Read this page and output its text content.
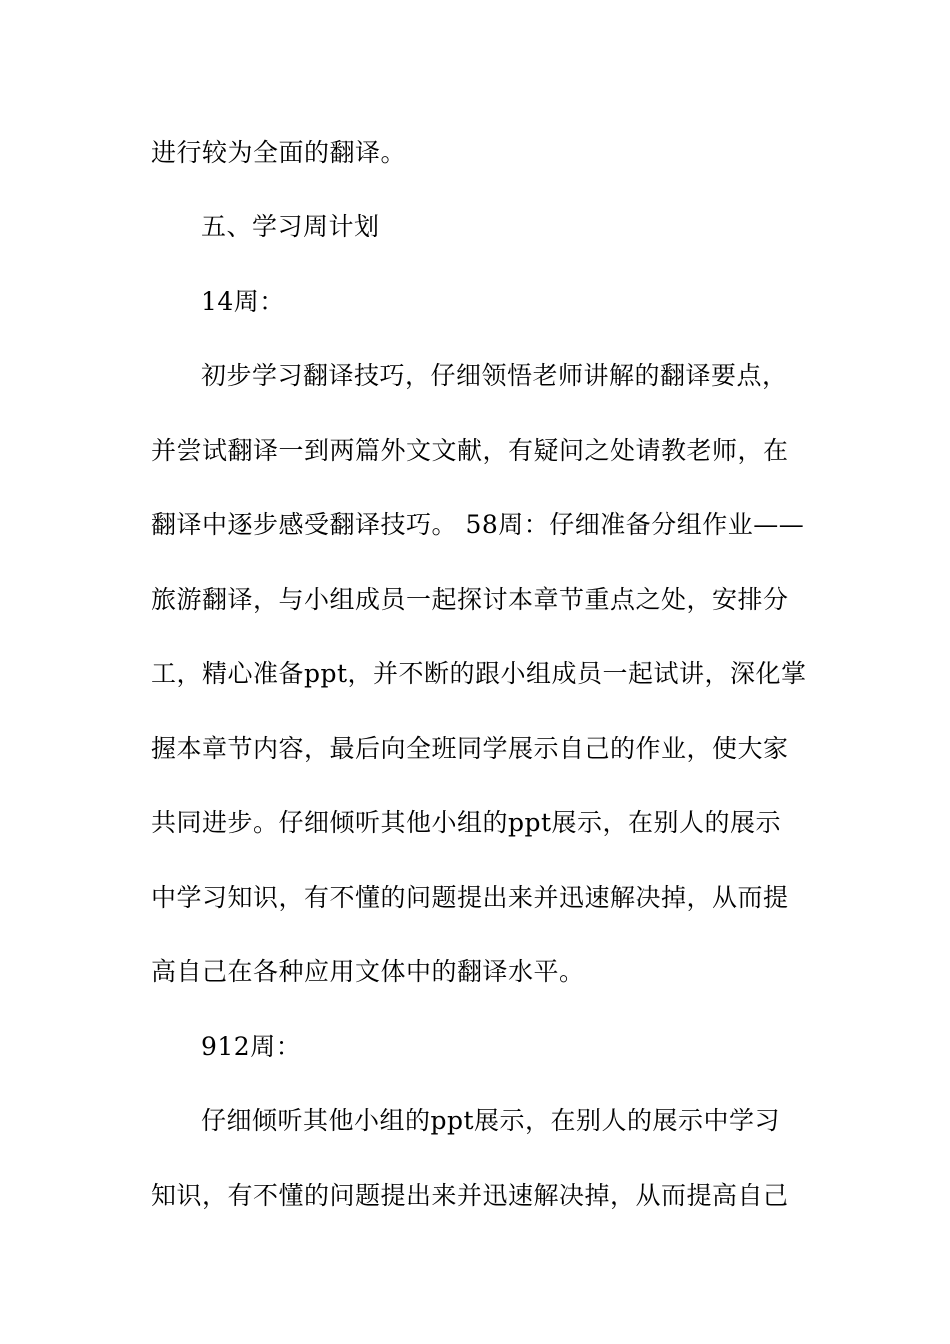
进行较为全面的翻译。
五、学习周计划
14周：
初步学习翻译技巧，仔细领悟老师讲解的翻译要点，
并尝试翻译一到两篇外文文献，有疑问之处请教老师，在
翻译中逐步感受翻译技巧。 58周：仔细准备分组作业——
旅游翻译，与小组成员一起探讨本章节重点之处，安排分
工，精心准备ppt，并不断的跟小组成员一起试讲，深化掌
握本章节内容，最后向全班同学展示自己的作业，使大家
共同进步。仔细倾听其他小组的ppt展示，在别人的展示
中学习知识，有不懂的问题提出来并迅速解决掉，从而提
高自己在各种应用文体中的翻译水平。
912周：
仔细倾听其他小组的ppt展示，在别人的展示中学习
知识，有不懂的问题提出来并迅速解决掉，从而提高自己
